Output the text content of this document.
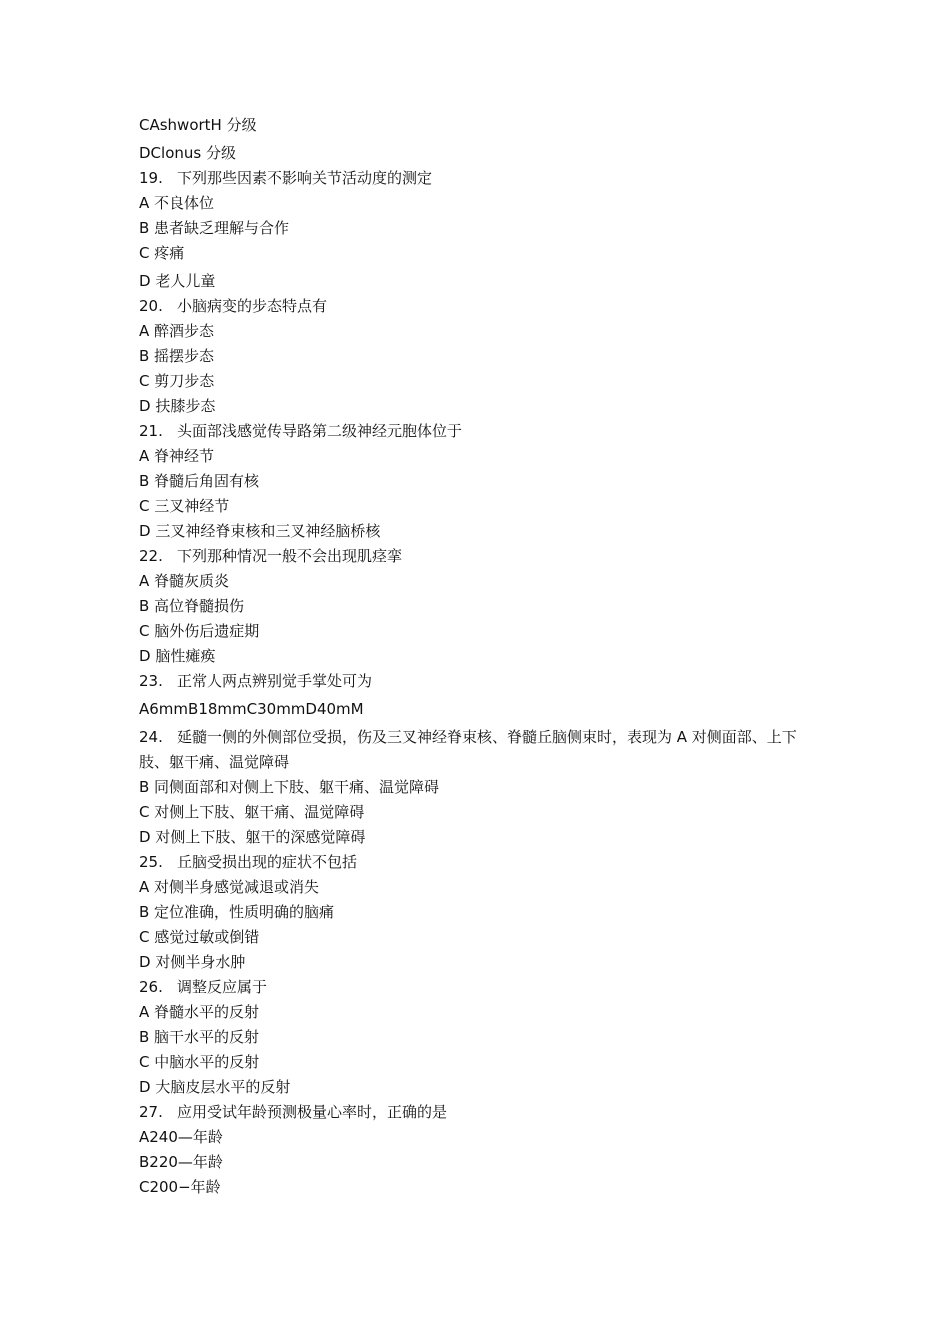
CAshwortH 分级
DClonus 分级
19. 下列那些因素不影响关节活动度的测定
A 不良体位
B 患者缺乏理解与合作
C 疼痛
D 老人儿童
20. 小脑病变的步态特点有
A 醉酒步态
B 摇摆步态
C 剪刀步态
D 扶膝步态
21. 头面部浅感觉传导路第二级神经元胞体位于
A 脊神经节
B 脊髓后角固有核
C 三叉神经节
D 三叉神经脊束核和三叉神经脑桥核
22. 下列那种情况一般不会出现肌痉挛
A 脊髓灰质炎
B 高位脊髓损伤
C 脑外伤后遗症期
D 脑性瘫痪
23. 正常人两点辨别觉手掌处可为
A6mmB18mmC30mmD40mM
24. 延髓一侧的外侧部位受损，伤及三叉神经脊束核、脊髓丘脑侧束时，表现为 A 对侧面部、上下肢、躯干痛、温觉障碍
B 同侧面部和对侧上下肢、躯干痛、温觉障碍
C 对侧上下肢、躯干痛、温觉障碍
D 对侧上下肢、躯干的深感觉障碍
25. 丘脑受损出现的症状不包括
A 对侧半身感觉减退或消失
B 定位准确，性质明确的脑痛
C 感觉过敏或倒错
D 对侧半身水肿
26. 调整反应属于
A 脊髓水平的反射
B 脑干水平的反射
C 中脑水平的反射
D 大脑皮层水平的反射
27. 应用受试年龄预测极量心率时，正确的是
A240—年龄
B220—年龄
C200−年龄
